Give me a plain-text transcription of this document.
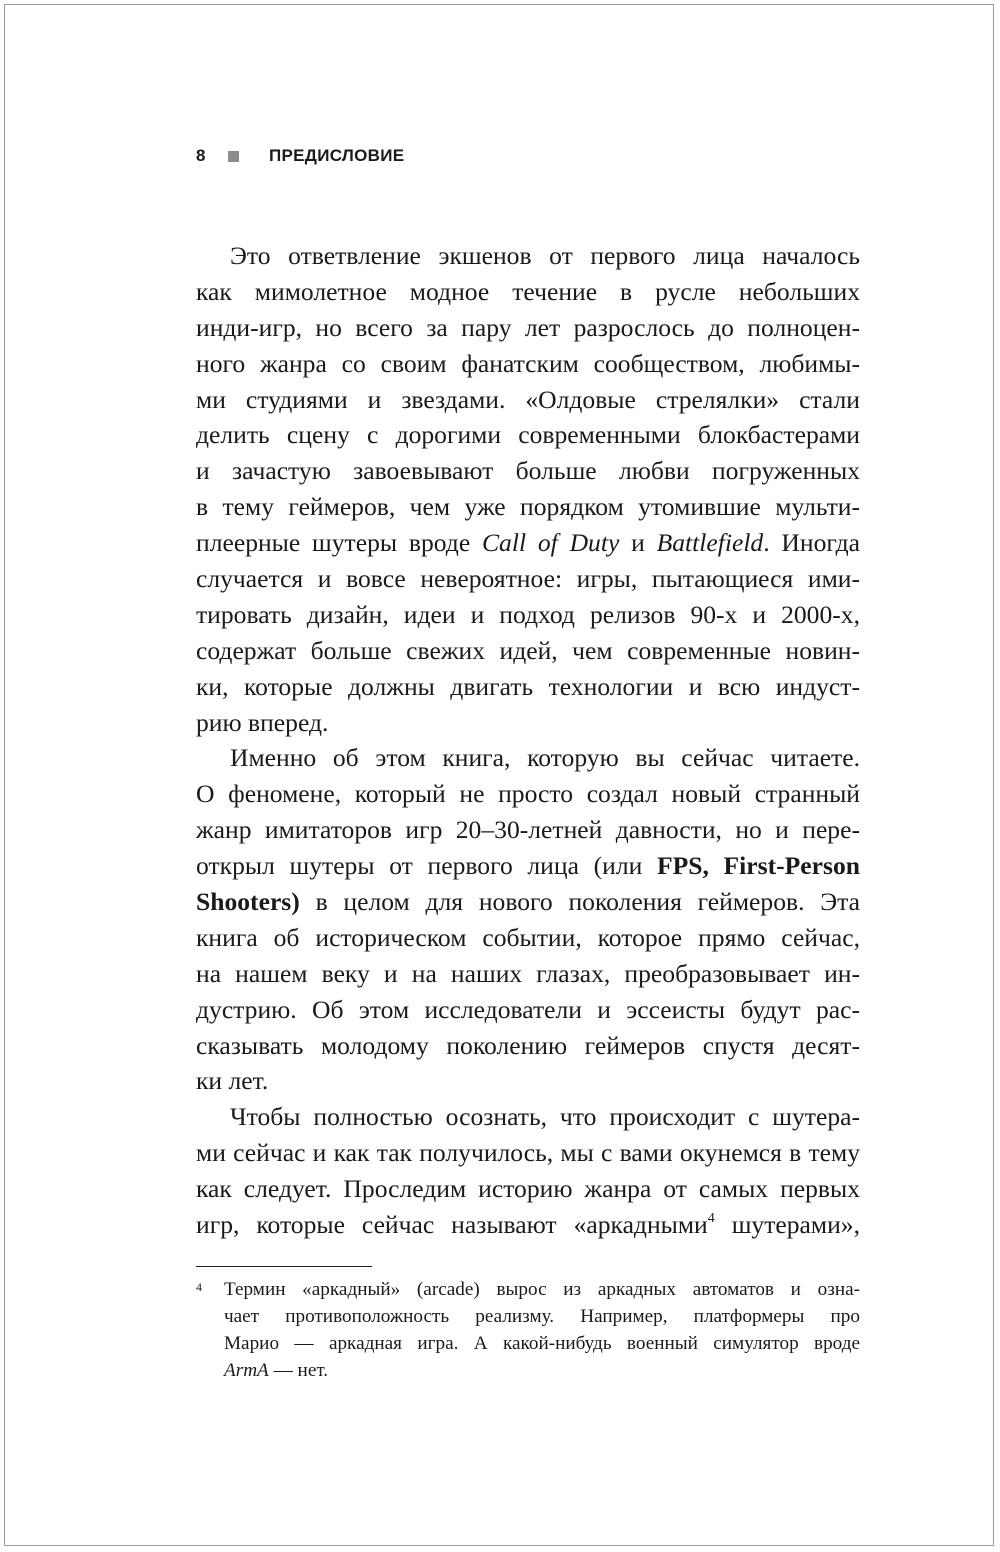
8	ПРЕДИСЛОВИЕ
Это ответвление экшенов от первого лица началось
как мимолетное модное течение в русле небольших
инди-игр, но всего за пару лет разрослось до полноцен-
ного жанра со своим фанатским сообществом, любимы-
ми студиями и звездами. «Олдовые стрелялки» стали
делить сцену с дорогими современными блокбастерами
и зачастую завоевывают больше любви погруженных
в тему геймеров, чем уже порядком утомившие мульти-
плеерные шутеры вроде Call of Duty и Battlefield. Иногда
случается и вовсе невероятное: игры, пытающиеся ими-
тировать дизайн, идеи и подход релизов 90-х и 2000-х,
содержат больше свежих идей, чем современные новин-
ки, которые должны двигать технологии и всю индуст-
рию вперед.
Именно об этом книга, которую вы сейчас читаете.
О феномене, который не просто создал новый странный
жанр имитаторов игр 20–30-летней давности, но и пере-
открыл шутеры от первого лица (или FPS, First-Person
Shooters) в целом для нового поколения геймеров. Эта
книга об историческом событии, которое прямо сейчас,
на нашем веку и на наших глазах, преобразовывает ин-
дустрию. Об этом исследователи и эссеисты будут рас-
сказывать молодому поколению геймеров спустя десят-
ки лет.
Чтобы полностью осознать, что происходит с шутера-
ми сейчас и как так получилось, мы с вами окунемся в тему
как следует. Проследим историю жанра от самых первых
игр, которые сейчас называют «аркадными$^4$ шутерами»,
4 Термин «аркадный» (arcade) вырос из аркадных автоматов и озна-
чает противоположность реализму. Например, платформеры про
Марио — аркадная игра. А какой-нибудь военный симулятор вроде
ArmA — нет.
